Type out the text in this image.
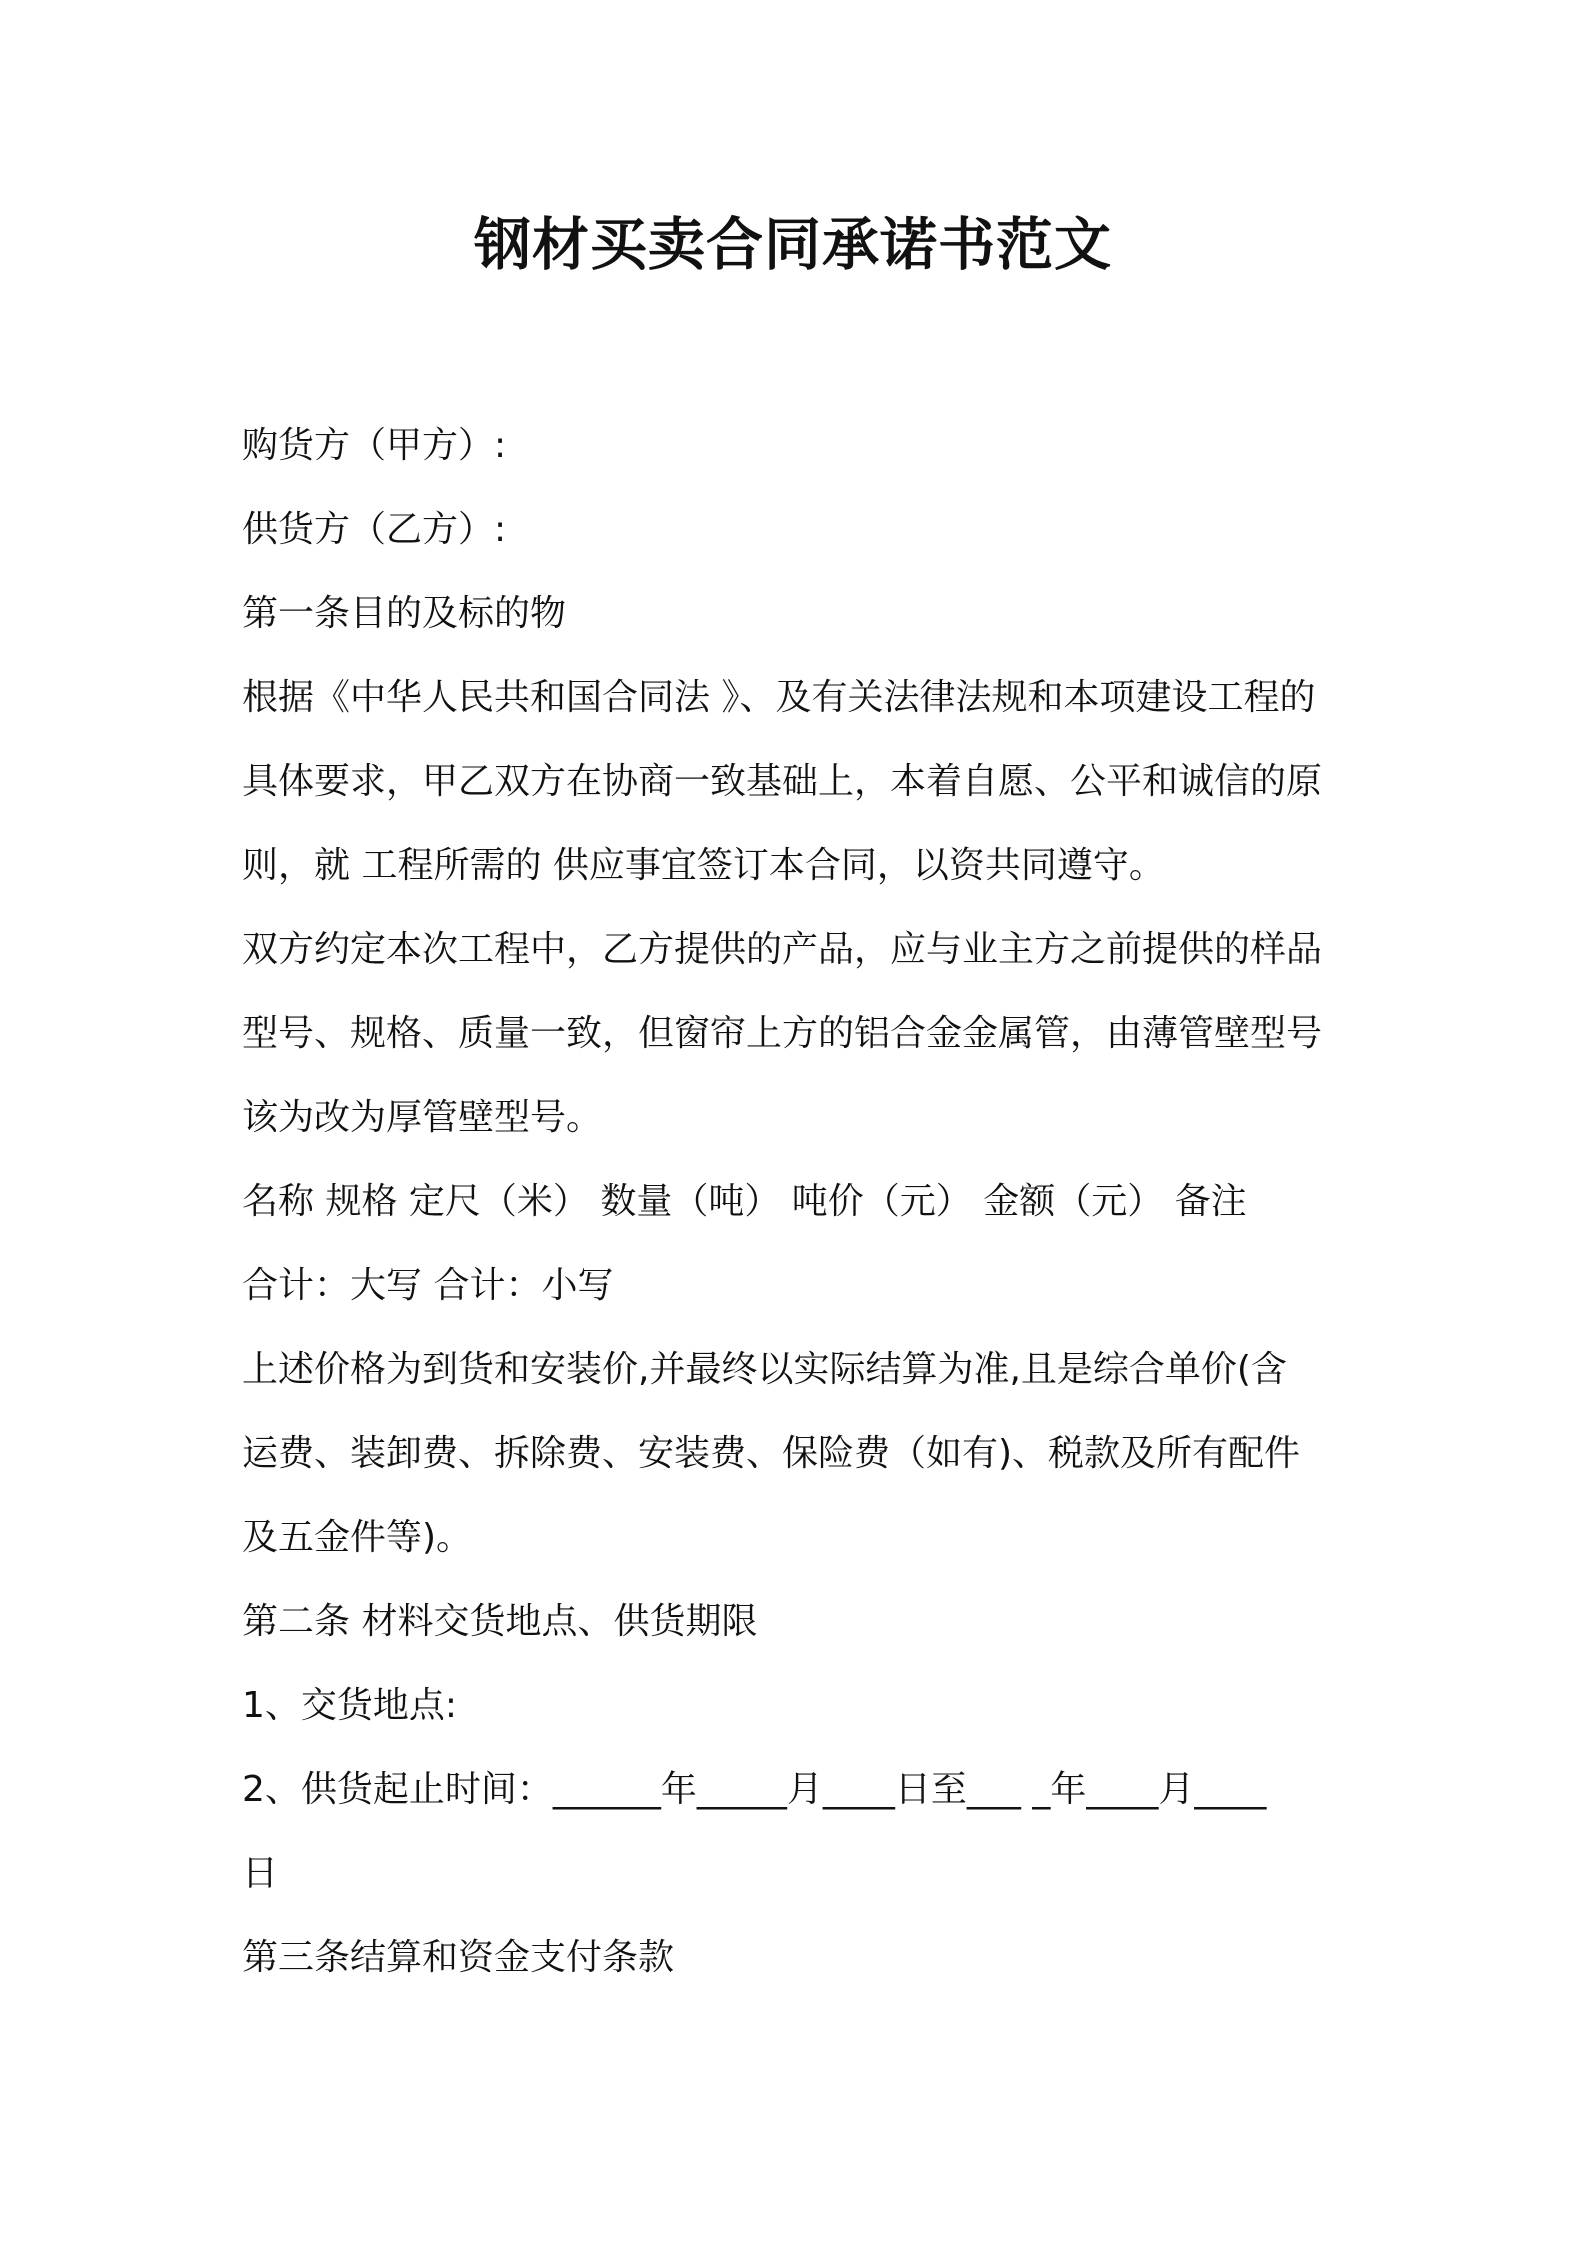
钢材买卖合同承诺书范文
购货方（甲方）:
供货方（乙方）:
第一条目的及标的物
根据《中华人民共和国合同法 》、及有关法律法规和本项建设工程的
具体要求，甲乙双方在协商一致基础上，本着自愿、公平和诚信的原
则，就 工程所需的 供应事宜签订本合同，以资共同遵守。
双方约定本次工程中，乙方提供的产品，应与业主方之前提供的样品
型号、规格、质量一致，但窗帘上方的铝合金金属管，由薄管壁型号
该为改为厚管壁型号。
名称 规格 定尺（米） 数量（吨） 吨价（元） 金额（元） 备注
合计：大写 合计：小写
上述价格为到货和安装价,并最终以实际结算为准,且是综合单价(含
运费、装卸费、拆除费、安装费、保险费（如有)、税款及所有配件
及五金件等)。
第二条 材料交货地点、供货期限
1、交货地点:
2、供货起止时间：______年_____月____日至___ _年____月____
日
第三条结算和资金支付条款
